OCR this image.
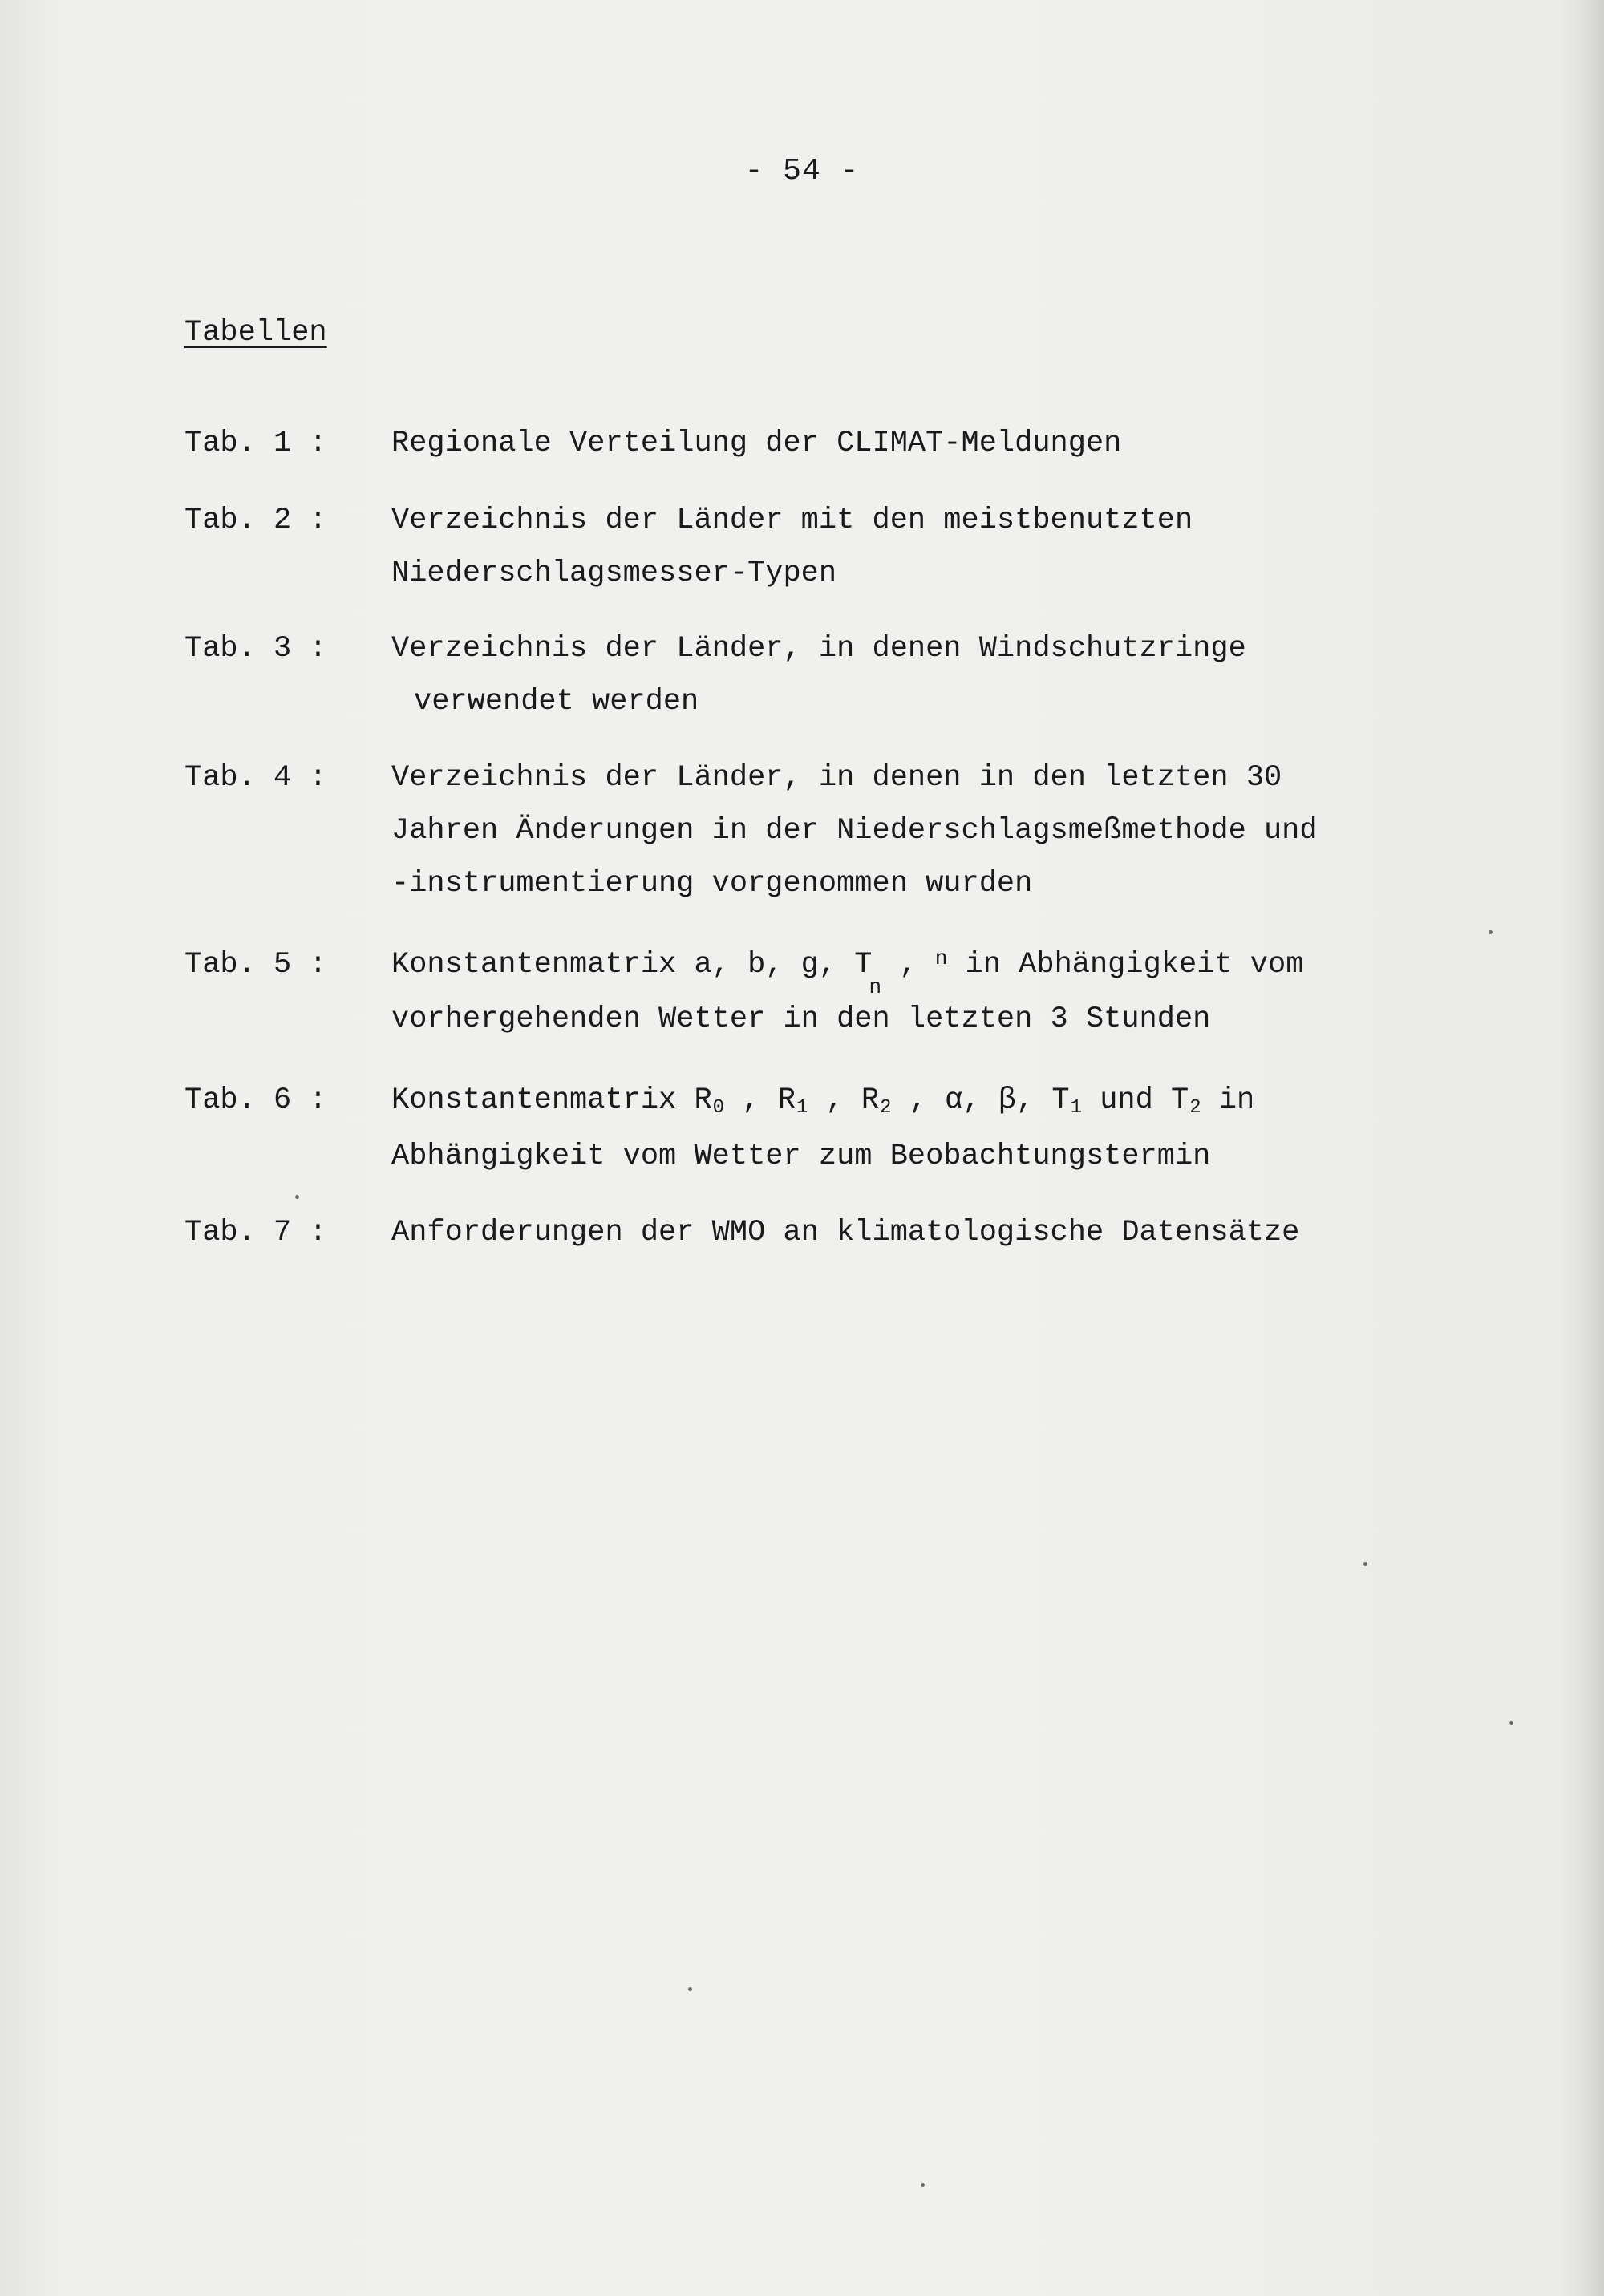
- 54 -
Tabellen
Tab. 1 : Regionale Verteilung der CLIMAT-Meldungen
Tab. 2 : Verzeichnis der Länder mit den meistbenutzten
Niederschlagsmesser-Typen
Tab. 3 : Verzeichnis der Länder, in denen Windschutzringe
verwendet werden
Tab. 4 : Verzeichnis der Länder, in denen in den letzten 30
Jahren Änderungen in der Niederschlagsmeßmethode und
-instrumentierung vorgenommen wurden
Tab. 5 : Konstantenmatrix a, b, g, $T_n$ , $^n$ in Abhängigkeit vom
vorhergehenden Wetter in den letzten 3 Stunden
Tab. 6 : Konstantenmatrix R0 , R1 , R2 , α, β, T1 und T2 in
Abhängigkeit vom Wetter zum Beobachtungstermin
Tab. 7 : Anforderungen der WMO an klimatologische Datensätze
